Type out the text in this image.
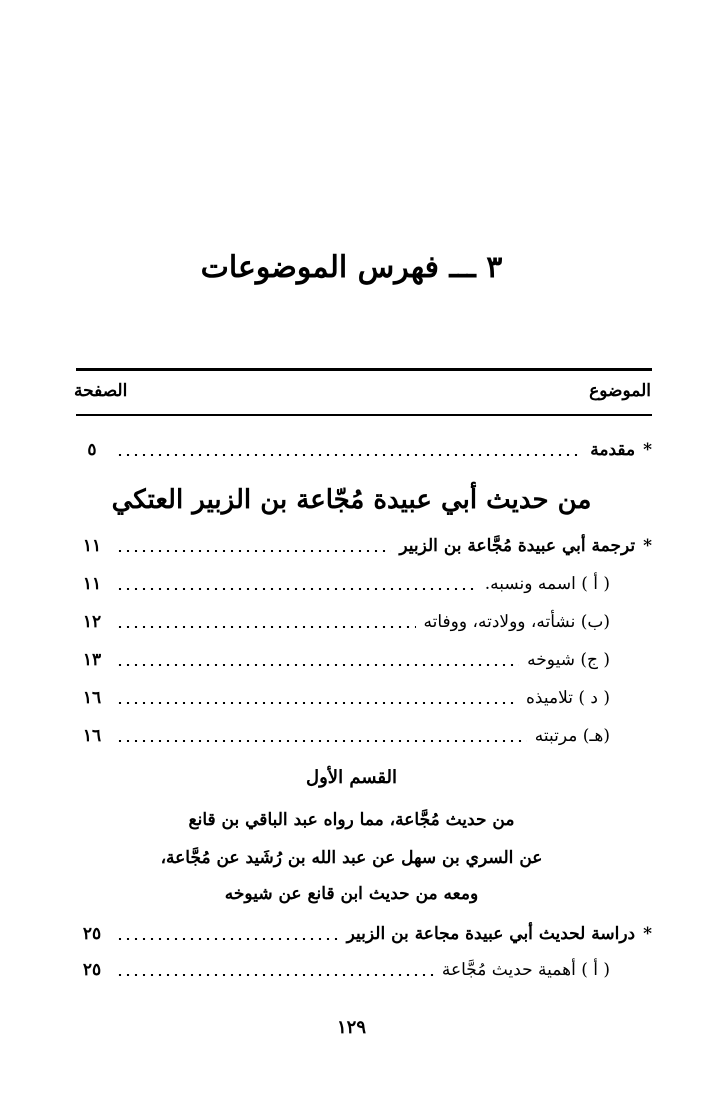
٣ ـــ فهرس الموضوعات
الموضوع
الصفحة
*
مقدمة
٥
من حديث أبي عبيدة مُجّاعة بن الزبير العتكي
*
ترجمة أبي عبيدة مُجَّاعة بن الزبير
١١
( أ ) اسمه ونسبه.
١١
(ب) نشأته، وولادته، ووفاته
١٢
( ج) شيوخه
١٣
( د ) تلاميذه
١٦
(هـ) مرتبته
١٦
القسم الأول
من حديث مُجَّاعة، مما رواه عبد الباقي بن قانع
عن السري بن سهل عن عبد الله بن رُشَيد عن مُجَّاعة،
ومعه من حديث ابن قانع عن شيوخه
*
دراسة لحديث أبي عبيدة مجاعة بن الزبير
٢٥
( أ ) أهمية حديث مُجَّاعة
٢٥
١٢٩
